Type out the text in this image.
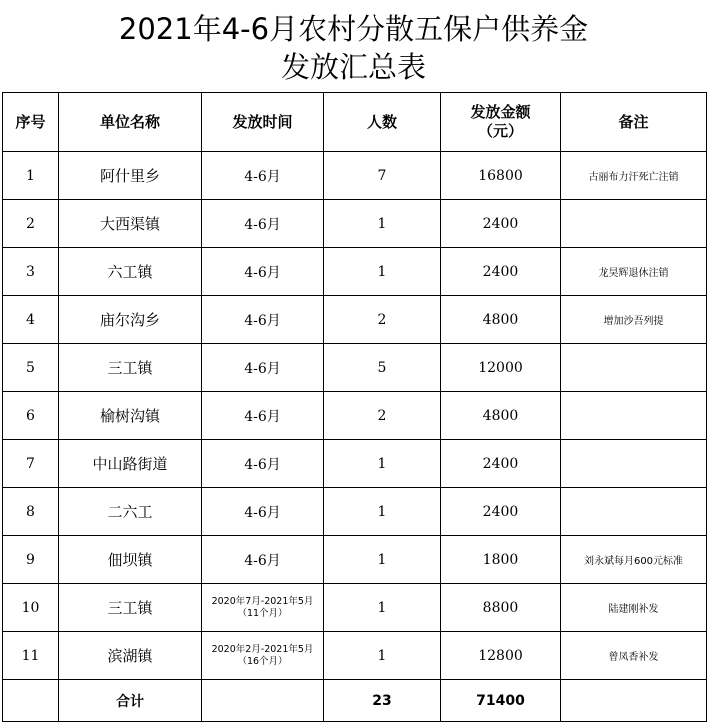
2021年4-6月农村分散五保户供养金
发放汇总表
序号	单位名称	发放时间	人数	发放金额
（元）	备注
1	阿什里乡	4-6月	7	16800	古丽布力汗死亡注销
2	大西渠镇	4-6月	1	2400	
3	六工镇	4-6月	1	2400	龙昊辉退休注销
4	庙尔沟乡	4-6月	2	4800	增加沙吾列提
5	三工镇	4-6月	5	12000	
6	榆树沟镇	4-6月	2	4800	
7	中山路街道	4-6月	1	2400	
8	二六工	4-6月	1	2400	
9	佃坝镇	4-6月	1	1800	刘永斌每月600元标准
10	三工镇	2020年7月-2021年5月
（11个月）	1	8800	陆建刚补发
11	滨湖镇	2020年2月-2021年5月
（16个月）	1	12800	曾凤香补发
	合计		23	71400	
